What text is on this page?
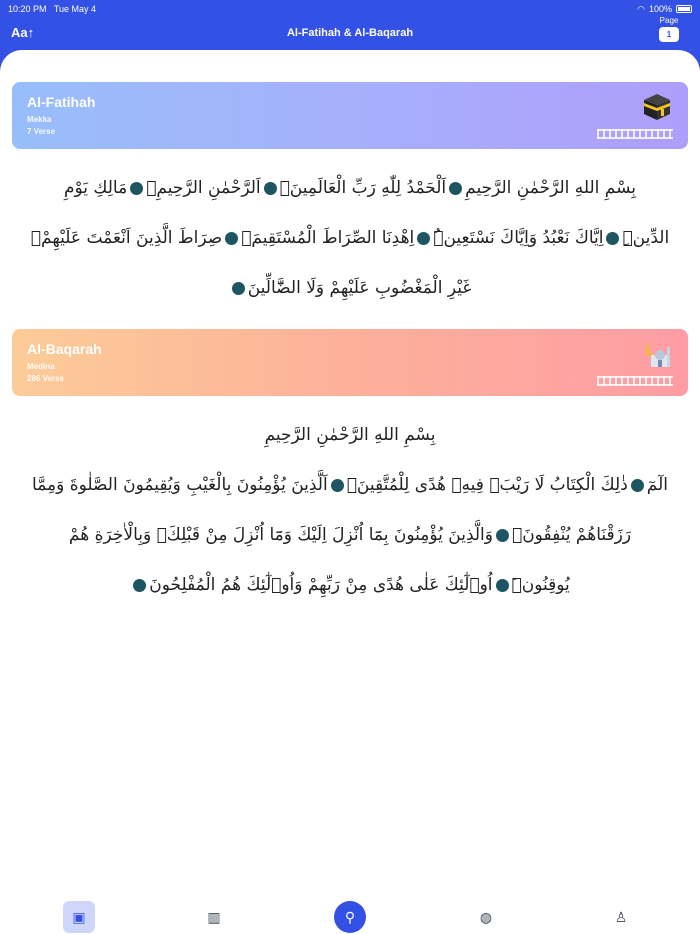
10:20 PM Tue May 4	◠ 100%
Aa↑	Al-Fatihah & Al-Baqarah
Page
1
Al-Fatihah
Mekka
7 Verse
بِسْمِ اللهِ الرَّحْمٰنِ الرَّحِيمِاَلْحَمْدُ لِلّٰهِ رَبِّ الْعَالَمِينَۙاَلرَّحْمٰنِ الرَّحِيمِۙمَالِكِ يَوْمِ
الدِّينِۜاِيَّاكَ نَعْبُدُ وَاِيَّاكَ نَسْتَعِينُۜاِهْدِنَا الصِّرَاطَ الْمُسْتَقِيمَۙصِرَاطَ الَّذِينَ اَنْعَمْتَ عَلَيْهِمْۙ
غَيْرِ الْمَغْضُوبِ عَلَيْهِمْ وَلَا الضَّٓالِّينَ
Al-Baqarah
Medina
286 Verse
بِسْمِ اللهِ الرَّحْمٰنِ الرَّحِيمِ
الٓمٓذٰلِكَ الْكِتَابُ لَا رَيْبَۚ فِيهِۚ هُدًى لِلْمُتَّقِينَۙاَلَّذِينَ يُؤْمِنُونَ بِالْغَيْبِ وَيُقِيمُونَ الصَّلٰوةَ وَمِمَّا
رَزَقْنَاهُمْ يُنْفِقُونَۙوَالَّذِينَ يُؤْمِنُونَ بِمَٓا اُنْزِلَ اِلَيْكَ وَمَٓا اُنْزِلَ مِنْ قَبْلِكَۚ وَبِالْاٰخِرَةِ هُمْ
يُوقِنُونَۜاُو۬لٰٓئِكَ عَلٰى هُدًى مِنْ رَبِّهِمْ وَاُو۬لٰٓئِكَ هُمُ الْمُفْلِحُونَ
▣	▥	⚲	◍	♙
